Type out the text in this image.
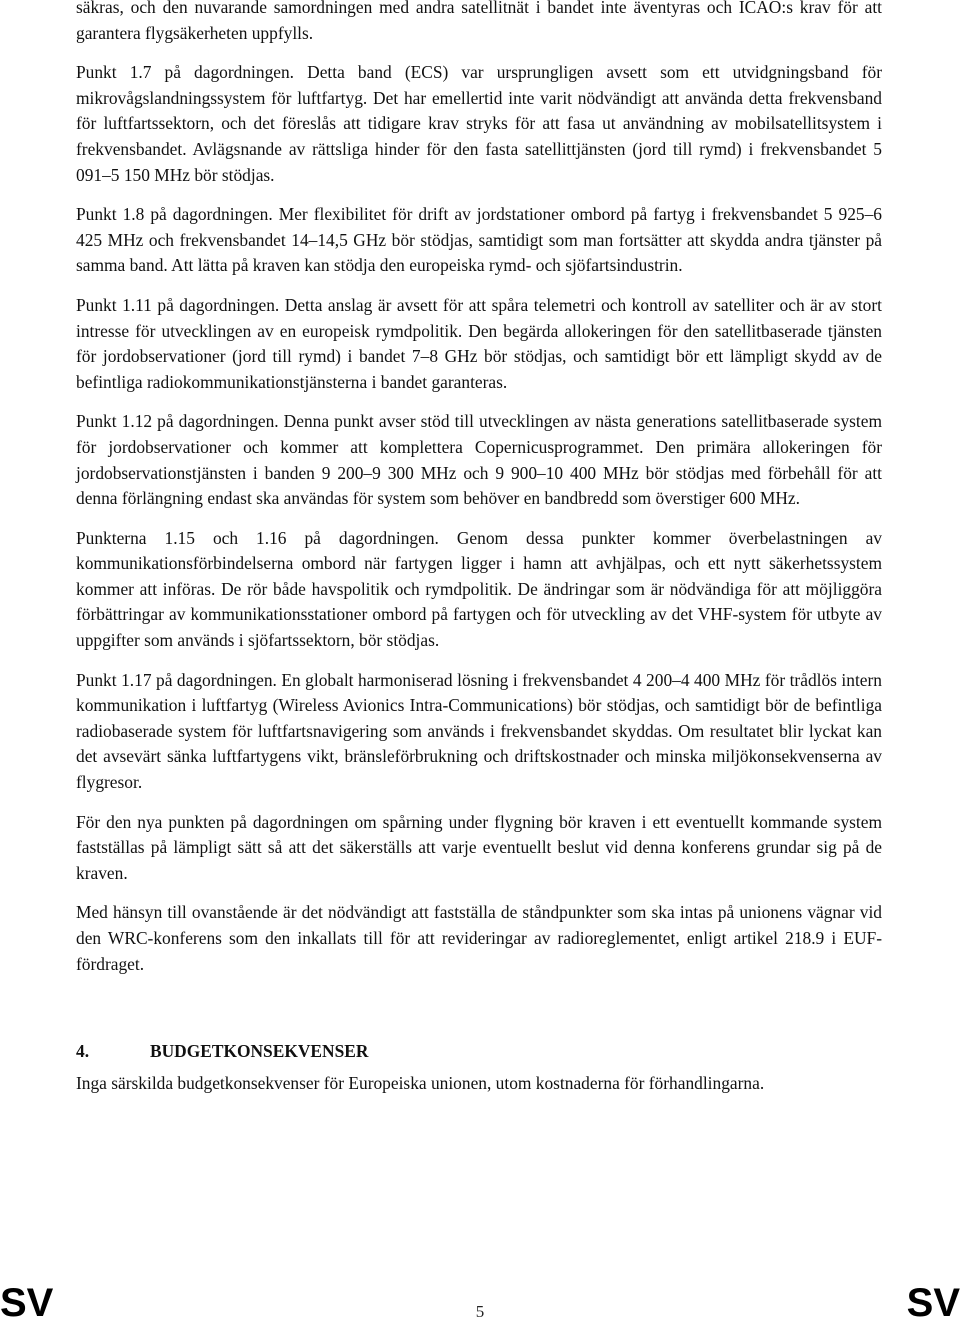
säkras, och den nuvarande samordningen med andra satellitnät i bandet inte äventyras och ICAO:s krav för att garantera flygsäkerheten uppfylls.

Punkt 1.7 på dagordningen. Detta band (ECS) var ursprungligen avsett som ett utvidgningsband för mikrovågslandningssystem för luftfartyg. Det har emellertid inte varit nödvändigt att använda detta frekvensband för luftfartssektorn, och det föreslås att tidigare krav stryks för att fasa ut användning av mobilsatellitsystem i frekvensbandet. Avlägsnande av rättsliga hinder för den fasta satellittjänsten (jord till rymd) i frekvensbandet 5 091–5 150 MHz bör stödjas.

Punkt 1.8 på dagordningen. Mer flexibilitet för drift av jordstationer ombord på fartyg i frekvensbandet 5 925–6 425 MHz och frekvensbandet 14–14,5 GHz bör stödjas, samtidigt som man fortsätter att skydda andra tjänster på samma band. Att lätta på kraven kan stödja den europeiska rymd- och sjöfartsindustrin.

Punkt 1.11 på dagordningen. Detta anslag är avsett för att spåra telemetri och kontroll av satelliter och är av stort intresse för utvecklingen av en europeisk rymdpolitik. Den begärda allokeringen för den satellitbaserade tjänsten för jordobservationer (jord till rymd) i bandet 7–8 GHz bör stödjas, och samtidigt bör ett lämpligt skydd av de befintliga radiokommunikationstjänsterna i bandet garanteras.

Punkt 1.12 på dagordningen. Denna punkt avser stöd till utvecklingen av nästa generations satellitbaserade system för jordobservationer och kommer att komplettera Copernicusprogrammet. Den primära allokeringen för jordobservationstjänsten i banden 9 200–9 300 MHz och 9 900–10 400 MHz bör stödjas med förbehåll för att denna förlängning endast ska användas för system som behöver en bandbredd som överstiger 600 MHz.

Punkterna 1.15 och 1.16 på dagordningen. Genom dessa punkter kommer överbelastningen av kommunikationsförbindelserna ombord när fartygen ligger i hamn att avhjälpas, och ett nytt säkerhetssystem kommer att införas. De rör både havspolitik och rymdpolitik. De ändringar som är nödvändiga för att möjliggöra förbättringar av kommunikationsstationer ombord på fartygen och för utveckling av det VHF-system för utbyte av uppgifter som används i sjöfartssektorn, bör stödjas.

Punkt 1.17 på dagordningen. En globalt harmoniserad lösning i frekvensbandet 4 200–4 400 MHz för trådlös intern kommunikation i luftfartyg (Wireless Avionics Intra-Communications) bör stödjas, och samtidigt bör de befintliga radiobaserade system för luftfartsnavigering som används i frekvensbandet skyddas. Om resultatet blir lyckat kan det avsevärt sänka luftfartygens vikt, bränsleförbrukning och driftskostnader och minska miljökonsekvenserna av flygresor.

För den nya punkten på dagordningen om spårning under flygning bör kraven i ett eventuellt kommande system fastställas på lämpligt sätt så att det säkerställs att varje eventuellt beslut vid denna konferens grundar sig på de kraven.

Med hänsyn till ovanstående är det nödvändigt att fastställa de ståndpunkter som ska intas på unionens vägnar vid den WRC-konferens som den inkallats till för att revideringar av radioreglementet, enligt artikel 218.9 i EUF-fördraget.

4.	BUDGETKONSEKVENSER

Inga särskilda budgetkonsekvenser för Europeiska unionen, utom kostnaderna för förhandlingarna.

SV	5	SV
